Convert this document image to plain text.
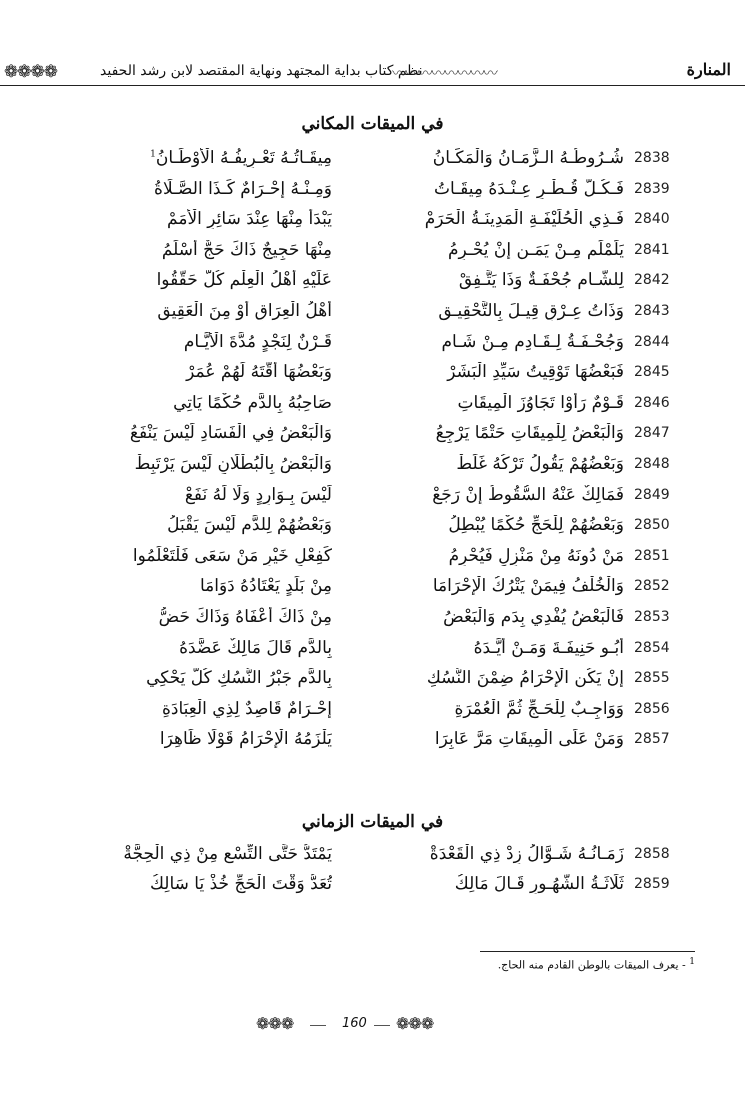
❁❁❁❁	نظم كتاب بداية المجتهد ونهاية المقتصد لابن رشد الحفيد
〰〰〰〰〰〰〰〰	المنارة
في الميقات المكاني
2838
شُـرُوطُـهُ الـزَّمَـانُ وَالْمَكَـانُ
مِيقَـاتُـهُ تَعْـرِيفُـهُ الْأَوْطَـانُ$^1$
2839
فَـكُـلُّ قُـطْـرٍ عِـنْـدَهُ مِيقَـاتُ
وَمِـنْـهُ إِحْـرَامٌ كَـذَا الصَّـلَاةُ
2840
فَـذِي الْحُلَيْفَـةِ الْمَدِينَـةُ الْحَرَمْ
يَبْدَأُ مِنْهَا عِنْدَ سَائِرِ الْأُمَمْ
2841
يَلَمْلَمٍ مِـنْ يَمَـنٍ إِنْ يُحْـرِمُ
مِنْهَا حَجِيجٌ ذَاكَ حَجٌّ أَسْلَمُ
2842
لِلشَّـامِ جُحْفَـةٌ وَذَا يَتَّـفِقْ
عَلَيْهِ أَهْلُ الْعِلْمِ كُلٌّ حَقَّقُوا
2843
وَذَاتُ عِـرْقٍ قِيـلَ بِالتَّحْقِيـقِ
أَهْلُ الْعِرَاقِ أَوْ مِنَ الْعَقِيقِ
2844
وَجُحْـفَـةُ لِـقَـادِمٍ مِـنْ شَـامِ
قَـرْنٌ لِنَجْدٍ مُدَّةَ الْأَيَّـامِ
2845
فَبَعْضُهَا تَوْقِيتُ سَيِّدِ الْبَشَرْ
وَبَعْضُهَا أَقَّتَهُ لَهُمْ عُمَرْ
2846
قَـوْمٌ رَأَوْا تَجَاوُزَ الْمِيقَاتِ
صَاحِبُهُ بِالدَّمِ حُكْمًا يَاتِي
2847
وَالْبَعْضُ لِلْمِيقَاتِ حَتْمًا يَرْجِعُ
وَالْبَعْضُ فِي الْفَسَادِ لَيْسَ يَنْفَعُ
2848
وَبَعْضُهُمْ يَقُولُ تَرْكُهُ غَلَطْ
وَالْبَعْضُ بِالْبُطْلَانِ لَيْسَ يَرْتَبِطْ
2849
فَمَالِكٌ عَنْهُ السُّقُوطُ إِنْ رَجَعْ
لَيْسَ بِـوَارِدٍ وَلَا لَهُ نَفَعْ
2850
وَبَعْضُهُمْ لِلْحَجِّ حُكْمًا يُبْطِلُ
وَبَعْضُهُمْ لِلدَّمِ لَيْسَ يَقْبَلُ
2851
مَنْ دُونَهُ مِنْ مَنْزِلٍ فَيُحْرِمُ
كَفِعْلِ خَيْرِ مَنْ سَعَى فَلْتَعْلَمُوا
2852
وَالْخُلْفُ فِيمَنْ يَتْرُكُ الْإِحْرَامَا
مِنْ بَلَدٍ يَعْتَادُهُ دَوَامَا
2853
فَالْبَعْضُ يُفْدِي بِدَمٍ وَالْبَعْضُ
مِنْ ذَاكَ أَعْفَاهُ وَذَاكَ حَضُّ
2854
أَبُـو حَنِيفَـةَ وَمَـنْ أَيَّـدَهُ
بِالدَّمِ قَالَ مَالِكٌ عَضَّدَهُ
2855
إِنْ يَكُنِ الْإِحْرَامُ ضِمْنَ النُّسُكِ
بِالدَّمِ جَبْرُ النُّسُكِ كُلٌّ يَحْكِي
2856
وَوَاجِـبٌ لِلْحَـجِّ ثُمَّ الْعُمْرَةِ
إِحْـرَامٌ قَاصِدٌ لِذِي الْعِبَادَةِ
2857
وَمَنْ عَلَى الْمِيقَاتِ مَرَّ عَابِرَا
يَلْزَمُهُ الْإِحْرَامُ قَوْلًا ظَاهِرَا
في الميقات الزماني
2858
زَمَـانُـهُ شَـوَّالُ زِدْ ذِي الْقَعْدَةْ
يَمْتَدُّ حَتَّى التِّسْعِ مِنْ ذِي الْحِجَّةْ
2859
ثَلَاثَـةُ الشُّهُـورِ قَـالَ مَالِكُ
تُعَدُّ وَقْتَ الْحَجِّ خُذْ يَا سَالِكُ
$^1$ - يعرف الميقات بالوطن القادم منه الحاج.
❁❁❁	160 ❁❁❁
